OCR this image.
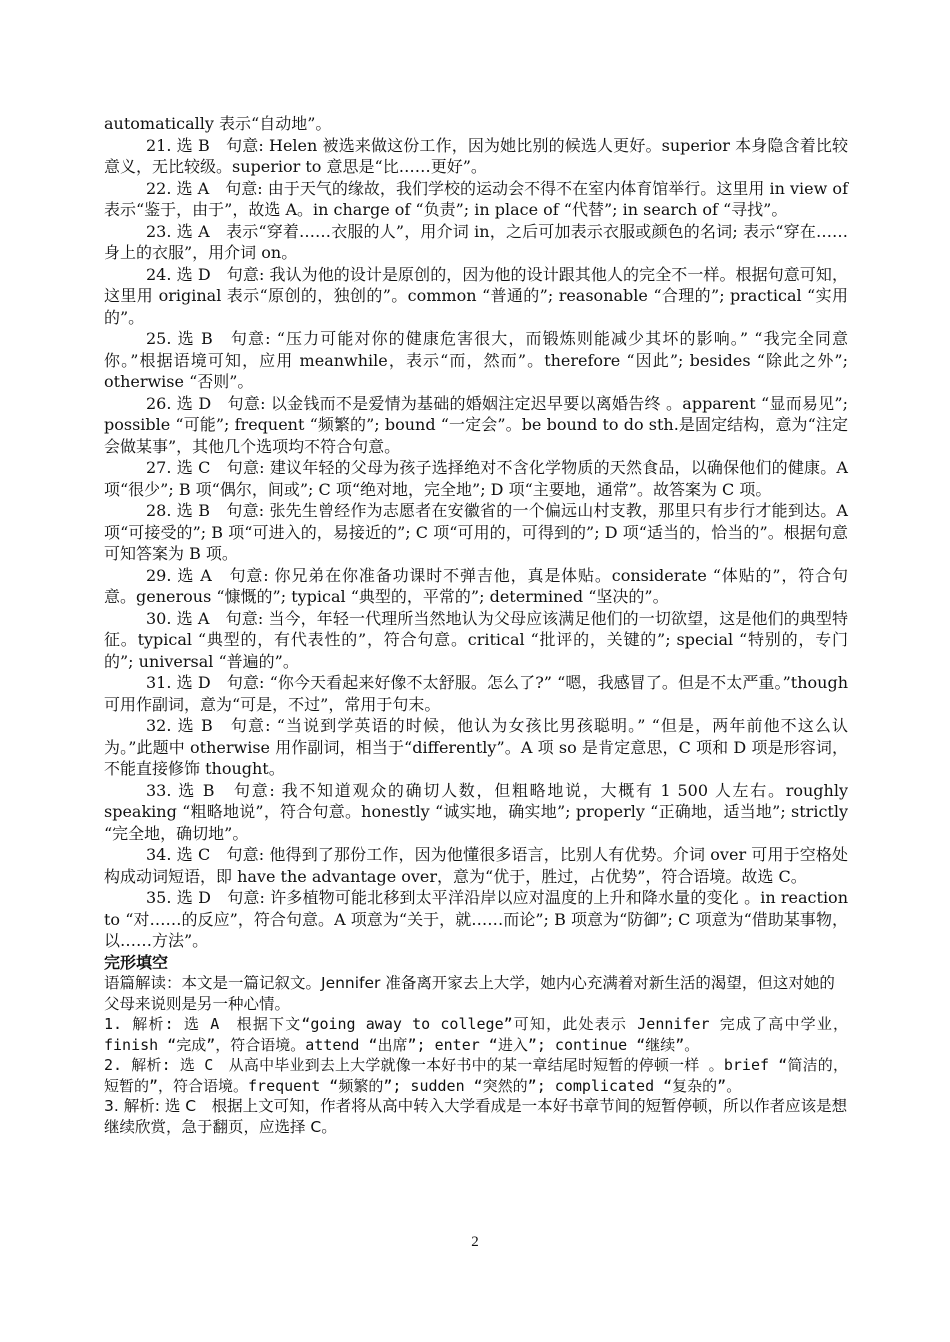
automatically 表示“自动地”。

21. 选 B　句意: Helen 被选来做这份工作，因为她比别的候选人更好。superior 本身隐含着比较意义，无比较级。superior to 意思是“比……更好”。

22. 选 A　句意: 由于天气的缘故，我们学校的运动会不得不在室内体育馆举行。这里用 in view of 表示“鉴于，由于”，故选 A。in charge of “负责”; in place of “代替”; in search of “寻找”。

23. 选 A　表示“穿着……衣服的人”，用介词 in，之后可加表示衣服或颜色的名词; 表示“穿在……身上的衣服”，用介词 on。

24. 选 D　句意: 我认为他的设计是原创的，因为他的设计跟其他人的完全不一样。根据句意可知，这里用 original 表示“原创的，独创的”。common “普通的”; reasonable “合理的”; practical “实用的”。

25. 选 B　句意: “压力可能对你的健康危害很大，而锻炼则能减少其坏的影响。” “我完全同意你。”根据语境可知，应用 meanwhile，表示“而，然而”。therefore “因此”; besides “除此之外”; otherwise “否则”。

26. 选 D　句意: 以金钱而不是爱情为基础的婚姻注定迟早要以离婚告终 。apparent “显而易见”; possible “可能”; frequent “频繁的”; bound “一定会”。be bound to do sth.是固定结构，意为“注定会做某事”，其他几个选项均不符合句意。

27. 选 C　句意: 建议年轻的父母为孩子选择绝对不含化学物质的天然食品，以确保他们的健康。A 项“很少”; B 项“偶尔，间或”; C 项“绝对地，完全地”; D 项“主要地，通常”。故答案为 C 项。

28. 选 B　句意: 张先生曾经作为志愿者在安徽省的一个偏远山村支教，那里只有步行才能到达。A 项“可接受的”; B 项“可进入的，易接近的”; C 项“可用的，可得到的”; D 项“适当的，恰当的”。根据句意可知答案为 B 项。

29. 选 A　句意: 你兄弟在你准备功课时不弹吉他，真是体贴。considerate “体贴的”，符合句意。generous “慷慨的”; typical “典型的，平常的”; determined “坚决的”。

30. 选 A　句意: 当今，年轻一代理所当然地认为父母应该满足他们的一切欲望，这是他们的典型特征。typical “典型的，有代表性的”，符合句意。critical “批评的，关键的”; special “特别的，专门的”; universal “普遍的”。

31. 选 D　句意: “你今天看起来好像不太舒服。怎么了?” “嗯，我感冒了。但是不太严重。”though 可用作副词，意为“可是，不过”，常用于句末。

32. 选 B　句意: “当说到学英语的时候，他认为女孩比男孩聪明。” “但是，两年前他不这么认为。”此题中 otherwise 用作副词，相当于“differently”。A 项 so 是肯定意思，C 项和 D 项是形容词，不能直接修饰 thought。

33. 选 B　句意: 我不知道观众的确切人数，但粗略地说，大概有 1 500 人左右。roughly speaking “粗略地说”，符合句意。honestly “诚实地，确实地”; properly “正确地，适当地”; strictly “完全地，确切地”。

34. 选 C　句意: 他得到了那份工作，因为他懂很多语言，比别人有优势。介词 over 可用于空格处构成动词短语，即 have the advantage over，意为“优于，胜过，占优势”，符合语境。故选 C。

35. 选 D　句意: 许多植物可能北移到太平洋沿岸以应对温度的上升和降水量的变化 。in reaction to “对……的反应”，符合句意。A 项意为“关于，就……而论”; B 项意为“防御”; C 项意为“借助某事物，以……方法”。

完形填空

语篇解读：本文是一篇记叙文。Jennifer 准备离开家去上大学，她内心充满着对新生活的渴望，但这对她的父母来说则是另一种心情。

1. 解析: 选 A　根据下文“going away to college”可知，此处表示 Jennifer 完成了高中学业，finish “完成”，符合语境。attend “出席”; enter “进入”; continue “继续”。

2. 解析: 选 C　从高中毕业到去上大学就像一本好书中的某一章结尾时短暂的停顿一样 。brief “简洁的，短暂的”，符合语境。frequent “频繁的”; sudden “突然的”; complicated “复杂的”。

3. 解析: 选 C　根据上文可知，作者将从高中转入大学看成是一本好书章节间的短暂停顿，所以作者应该是想继续欣赏，急于翻页，应选择 C。

2
